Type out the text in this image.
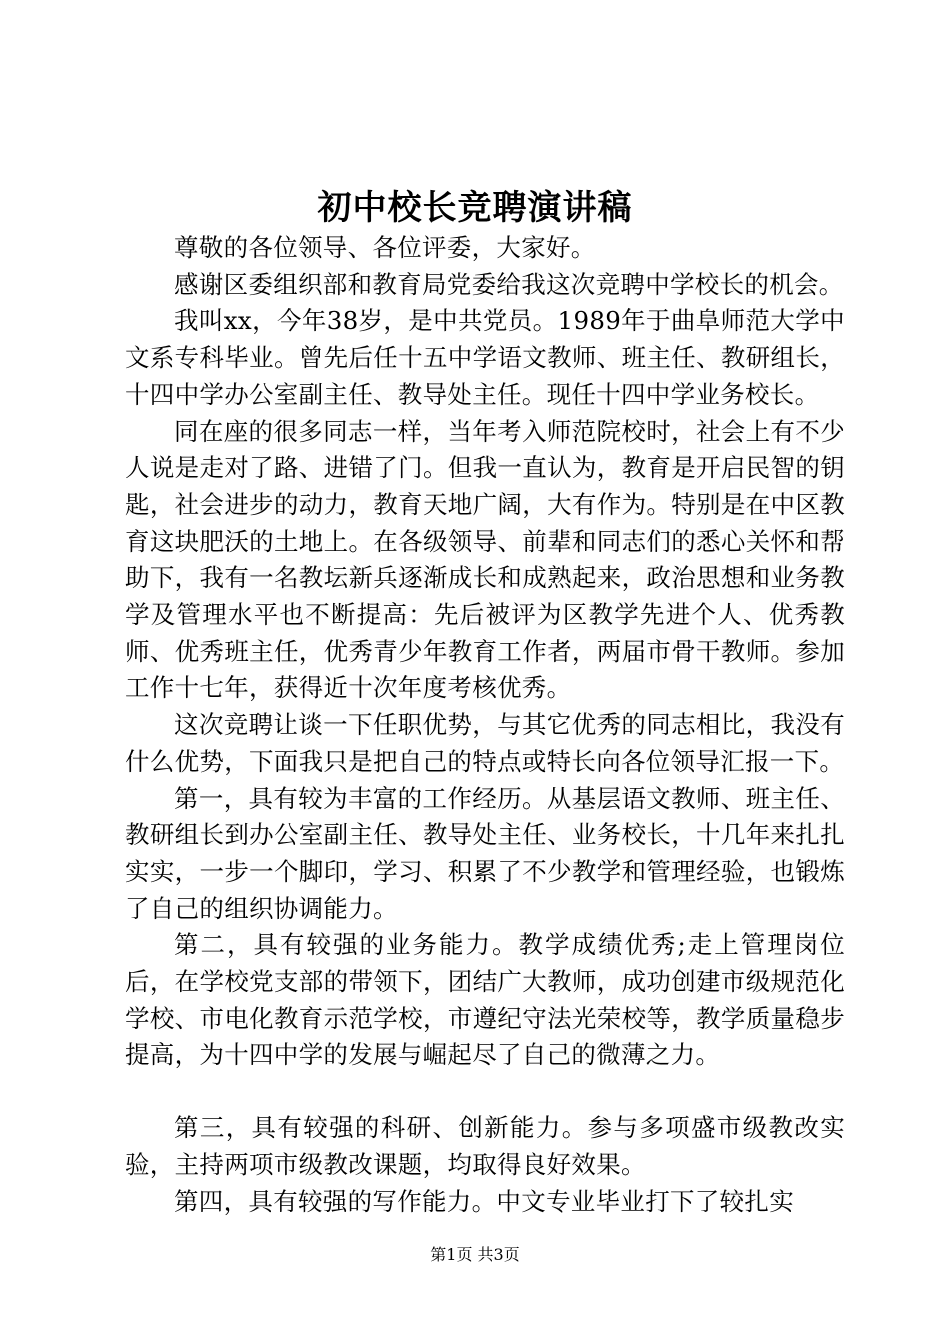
初中校长竞聘演讲稿

尊敬的各位领导、各位评委，大家好。

感谢区委组织部和教育局党委给我这次竞聘中学校长的机会。

我叫xx，今年38岁，是中共党员。1989年于曲阜师范大学中文系专科毕业。曾先后任十五中学语文教师、班主任、教研组长，十四中学办公室副主任、教导处主任。现任十四中学业务校长。

同在座的很多同志一样，当年考入师范院校时，社会上有不少人说是走对了路、进错了门。但我一直认为，教育是开启民智的钥匙，社会进步的动力，教育天地广阔，大有作为。特别是在中区教育这块肥沃的土地上。在各级领导、前辈和同志们的悉心关怀和帮助下，我有一名教坛新兵逐渐成长和成熟起来，政治思想和业务教学及管理水平也不断提高：先后被评为区教学先进个人、优秀教师、优秀班主任，优秀青少年教育工作者，两届市骨干教师。参加工作十七年，获得近十次年度考核优秀。

这次竞聘让谈一下任职优势，与其它优秀的同志相比，我没有什么优势，下面我只是把自己的特点或特长向各位领导汇报一下。

第一，具有较为丰富的工作经历。从基层语文教师、班主任、教研组长到办公室副主任、教导处主任、业务校长，十几年来扎扎实实，一步一个脚印，学习、积累了不少教学和管理经验，也锻炼了自己的组织协调能力。

第二，具有较强的业务能力。教学成绩优秀;走上管理岗位后，在学校党支部的带领下，团结广大教师，成功创建市级规范化学校、市电化教育示范学校，市遵纪守法光荣校等，教学质量稳步提高，为十四中学的发展与崛起尽了自己的微薄之力。

第三，具有较强的科研、创新能力。参与多项盛市级教改实验，主持两项市级教改课题，均取得良好效果。

第四，具有较强的写作能力。中文专业毕业打下了较扎实

第1页 共3页
